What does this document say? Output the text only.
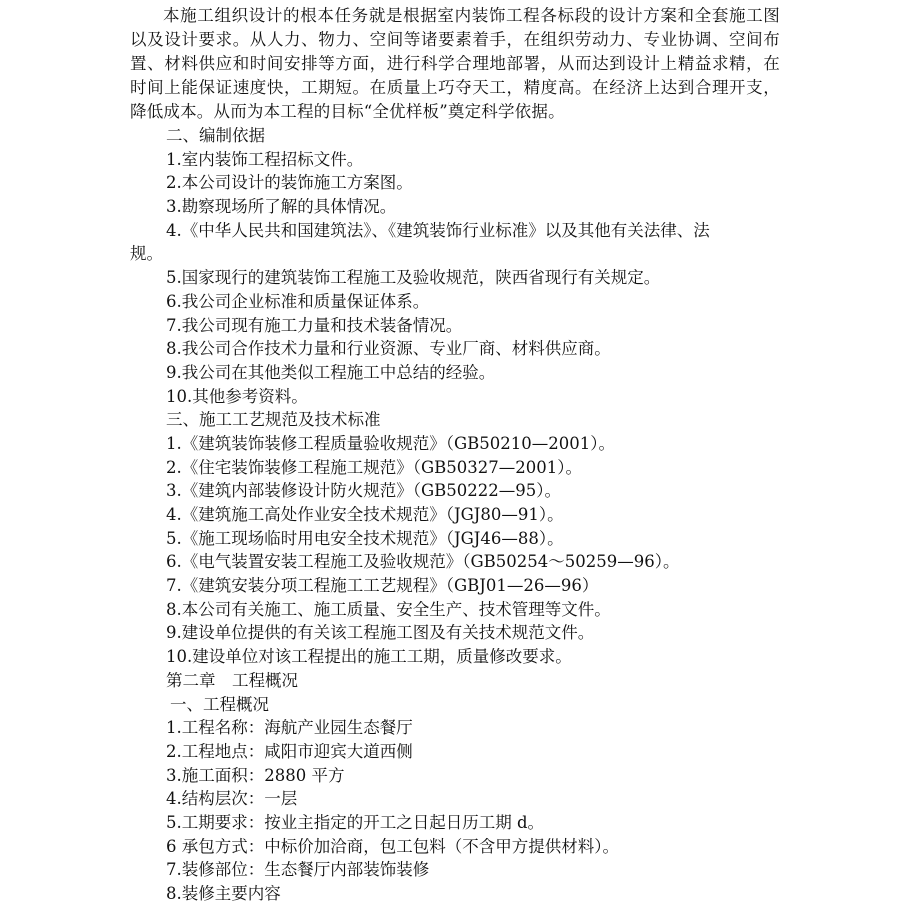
本施工组织设计的根本任务就是根据室内装饰工程各标段的设计方案和全套施工图以及设计要求。从人力、物力、空间等诸要素着手，在组织劳动力、专业协调、空间布置、材料供应和时间安排等方面，进行科学合理地部署，从而达到设计上精益求精，在时间上能保证速度快，工期短。在质量上巧夺天工，精度高。在经济上达到合理开支，降低成本。从而为本工程的目标“全优样板”奠定科学依据。

二、编制依据
1.室内装饰工程招标文件。
2.本公司设计的装饰施工方案图。
3.勘察现场所了解的具体情况。
4.《中华人民共和国建筑法》、《建筑装饰行业标准》以及其他有关法律、法
规。
5.国家现行的建筑装饰工程施工及验收规范，陕西省现行有关规定。
6.我公司企业标准和质量保证体系。
7.我公司现有施工力量和技术装备情况。
8.我公司合作技术力量和行业资源、专业厂商、材料供应商。
9.我公司在其他类似工程施工中总结的经验。
10.其他参考资料。
三、施工工艺规范及技术标准
1.《建筑装饰装修工程质量验收规范》（GB50210—2001）。
2.《住宅装饰装修工程施工规范》（GB50327—2001）。
3.《建筑内部装修设计防火规范》（GB50222—95）。
4.《建筑施工高处作业安全技术规范》（JGJ80—91）。
5.《施工现场临时用电安全技术规范》（JGJ46—88）。
6.《电气装置安装工程施工及验收规范》（GB50254～50259—96）。
7.《建筑安装分项工程施工工艺规程》（GBJ01—26—96）
8.本公司有关施工、施工质量、安全生产、技术管理等文件。
9.建设单位提供的有关该工程施工图及有关技术规范文件。
10.建设单位对该工程提出的施工工期，质量修改要求。
第二章　工程概况
一、工程概况
1.工程名称：海航产业园生态餐厅
2.工程地点：咸阳市迎宾大道西侧
3.施工面积：2880 平方
4.结构层次：一层
5.工期要求：按业主指定的开工之日起日历工期 d。
6 承包方式：中标价加洽商，包工包料（不含甲方提供材料）。
7.装修部位：生态餐厅内部装饰装修
8.装修主要内容
